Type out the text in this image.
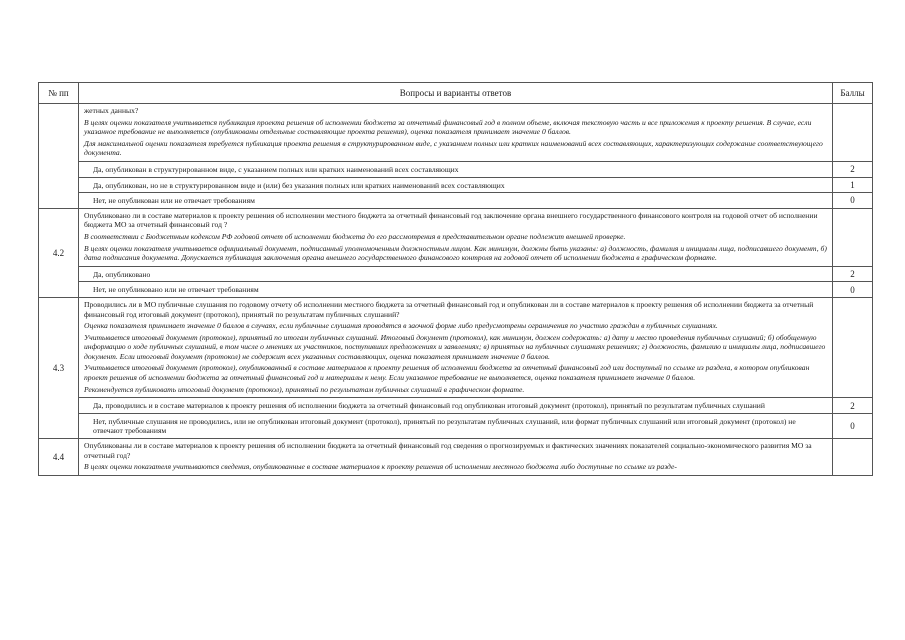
№ пп	Вопросы и варианты ответов	Баллы

	жетных данных?

В целях оценки показателя учитывается публикация проекта решения об исполнении бюджета за отчетный финансовый год в полном объеме, включая текстовую часть и все приложения к проекту решения. В случае, если указанное требование не выполняется (опубликованы отдельные составляющие проекта решения), оценка показателя принимает значение 0 баллов.

Для максимальной оценки показателя требуется публикация проекта решения в структурированном виде, с указанием полных или кратких наименований всех составляющих, характеризующих содержание соответствующего документа.	

	Да, опубликован в структурированном виде, с указанием полных или кратких наименований всех составляющих	2
	Да, опубликован, но не в структурированном виде и (или) без указания полных или кратких наименований всех составляющих	1
	Нет, не опубликован или не отвечает требованиям	0
4.2	Опубликовано ли в составе материалов к проекту решения об исполнении местного бюджета за отчетный финансовый год заключение органа внешнего государственного финансового контроля на годовой отчет об исполнении бюджета МО за отчетный финансовый год ?

В соответствии с Бюджетным кодексом РФ годовой отчет об исполнении бюджета до его рассмотрения в представительном органе подлежит внешней проверке.

В целях оценки показателя учитывается официальный документ, подписанный уполномоченным должностным лицом. Как минимум, должны быть указаны: а) должность, фамилия и инициалы лица, подписавшего документ, б) дата подписания документа. Допускается публикация заключения органа внешнего государственного финансового контроля на годовой отчет об исполнении бюджета в графическом формате.	

	Да, опубликовано	2
	Нет, не опубликовано или не отвечает требованиям	0
4.3	Проводились ли в МО публичные слушания по годовому отчету об исполнении местного бюджета за отчетный финансовый год и опубликован ли в составе материалов к проекту решения об исполнении бюджета за отчетный финансовый год итоговый документ (протокол), принятый по результатам публичных слушаний?

Оценка показателя принимает значение 0 баллов в случаях, если публичные слушания проводятся в заочной форме либо предусмотрены ограничения по участию граждан в публичных слушаниях.

Учитывается итоговый документ (протокол), принятый по итогам публичных слушаний. Итоговый документ (протокол), как минимум, должен содержать: а) дату и место проведения публичных слушаний; б) обобщенную информацию о ходе публичных слушаний, в том числе о мнениях их участников, поступивших предложениях и заявлениях; в) принятых на публичных слушаниях решениях; г) должность, фамилию и инициалы лица, подписавшего документ. Если итоговый документ (протокол) не содержит всех указанных составляющих, оценка показателя принимает значение 0 баллов.

Учитывается итоговый документ (протокол), опубликованный в составе материалов к проекту решения об исполнении бюджета за отчетный финансовый год или доступный по ссылке из раздела, в котором опубликован проект решения об исполнении бюджета за отчетный финансовый год и материалы к нему. Если указанное требование не выполняется, оценка показателя принимает значение 0 баллов.

Рекомендуется публиковать итоговый документ (протокол), принятый по результатам публичных слушаний в графическом формате.	

	Да, проводились и в составе материалов к проекту решения об исполнении бюджета за отчетный финансовый год опубликован итоговый документ (протокол), принятый по результатам публичных слушаний	2
	Нет, публичные слушания не проводились, или не опубликован итоговый документ (протокол), принятый по результатам публичных слушаний, или формат публичных слушаний или итоговый документ (протокол) не отвечают требованиям	0
4.4	Опубликованы ли в составе материалов к проекту решения об исполнении бюджета за отчетный финансовый год сведения о прогнозируемых и фактических значениях показателей социально-экономического развития МО за отчетный год?

В целях оценки показателя учитываются сведения, опубликованные в составе материалов к проекту решения об исполнении местного бюджета либо доступные по ссылке из разде-	
